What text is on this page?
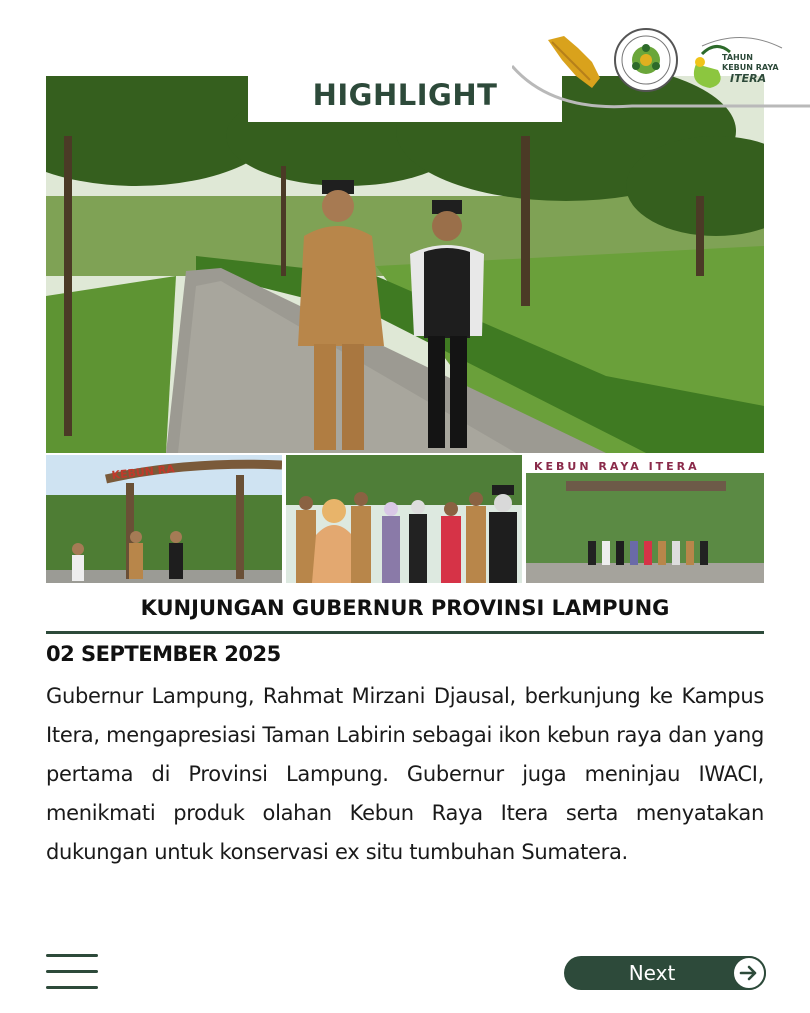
HIGHLIGHT
TAHUN
KEBUN RAYA
ITERA
KEBUN RA	KEBUN RAYA ITERA
KUNJUNGAN GUBERNUR PROVINSI LAMPUNG
02 SEPTEMBER 2025
Gubernur Lampung, Rahmat Mirzani Djausal, berkunjung ke Kampus Itera, mengapresiasi Taman Labirin sebagai ikon kebun raya dan yang pertama di Provinsi Lampung. Gubernur juga meninjau IWACI, menikmati produk olahan Kebun Raya Itera serta menyatakan dukungan untuk konservasi ex situ tumbuhan Sumatera.
Next
